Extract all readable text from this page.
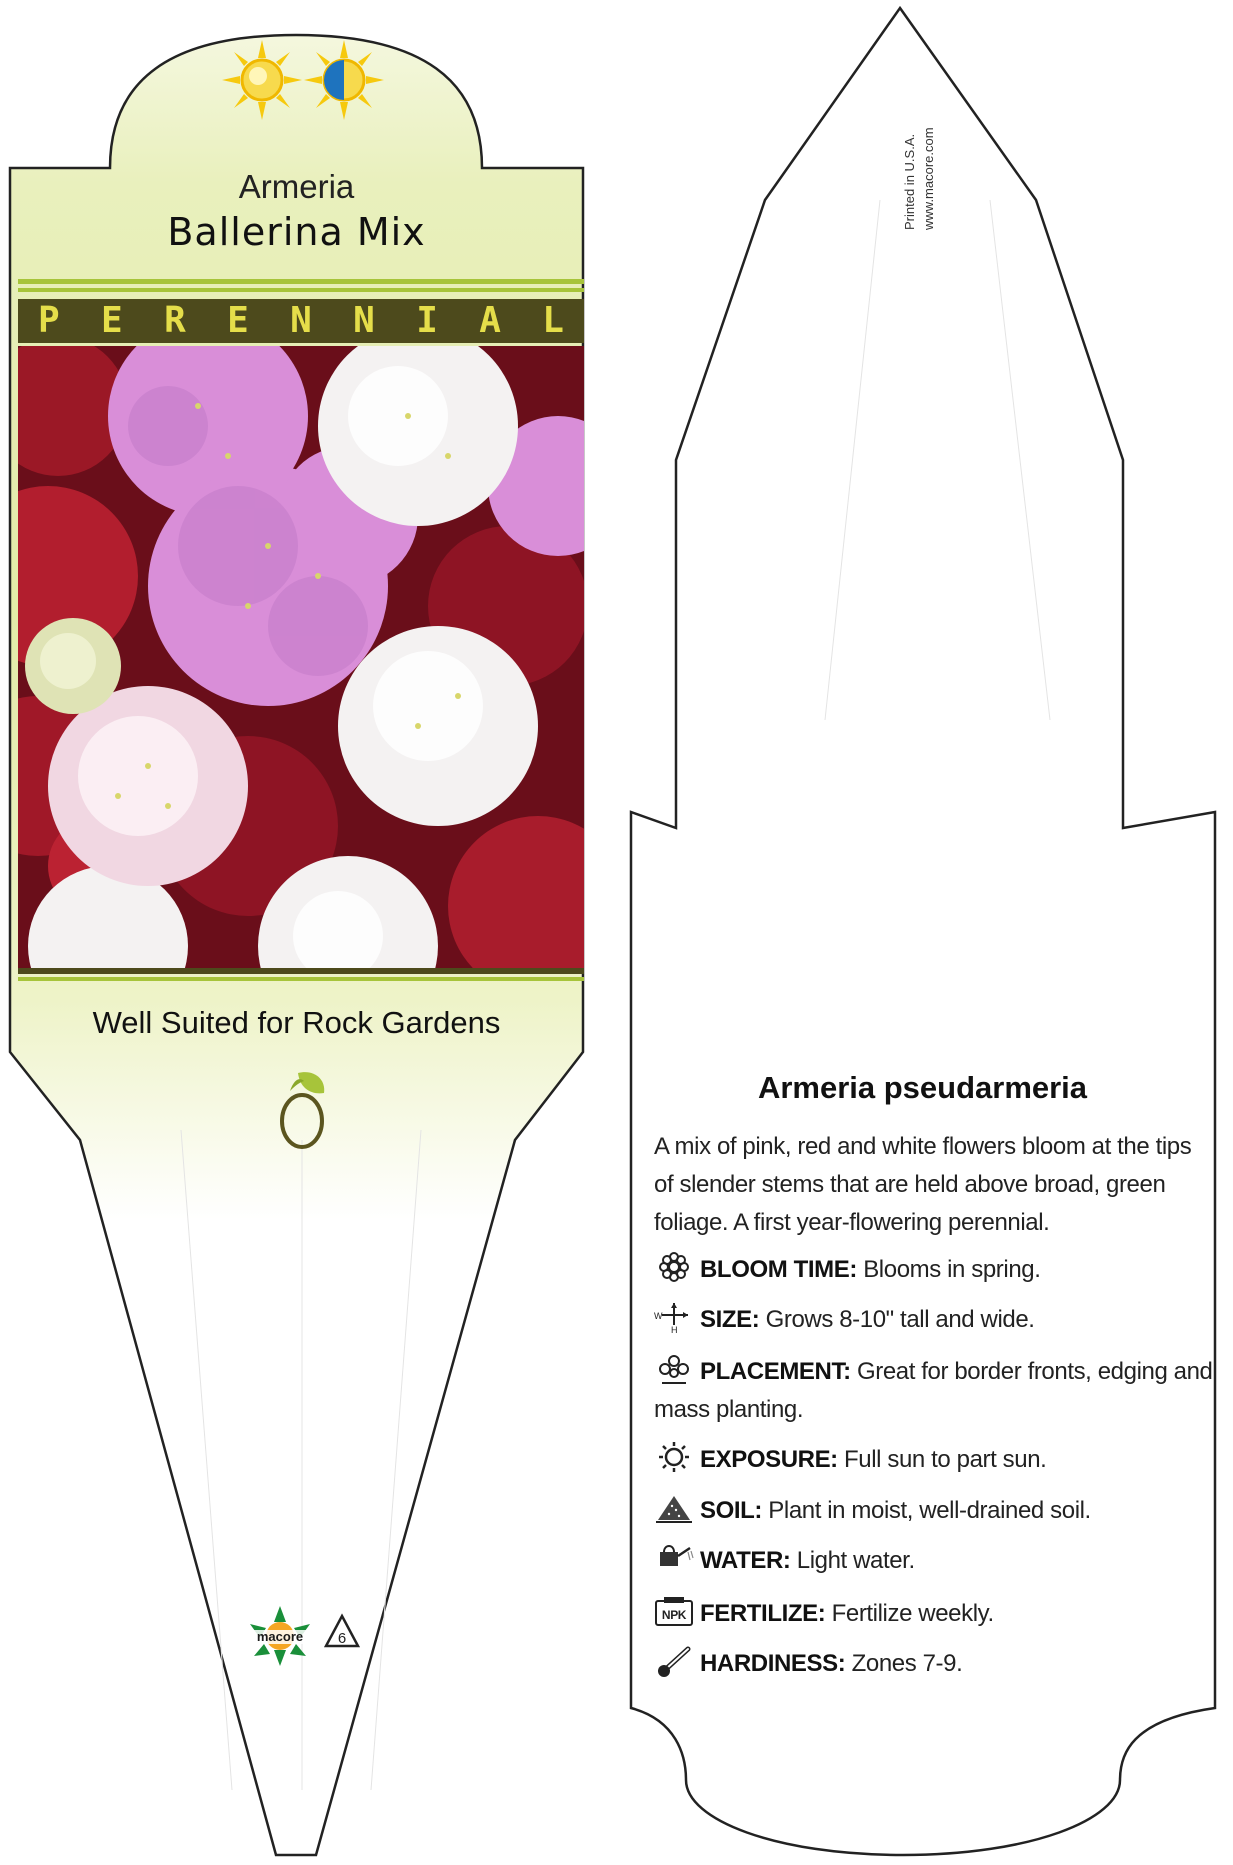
Armeria
Ballerina Mix
P E R E N N I A L
Well Suited for Rock Gardens
macore 6
Printed in U.S.A. www.macore.com
Armeria pseudarmeria
A mix of pink, red and white flowers bloom at the tips of slender stems that are held above broad, green foliage. A first year-flowering perennial.
BLOOM TIME: Blooms in spring.
W
H SIZE: Grows 8-10" tall and wide.
PLACEMENT: Great for border fronts, edging and mass planting.
EXPOSURE: Full sun to part sun.
SOIL: Plant in moist, well-drained soil.
WATER: Light water.
NPK FERTILIZE: Fertilize weekly.
HARDINESS: Zones 7-9.
